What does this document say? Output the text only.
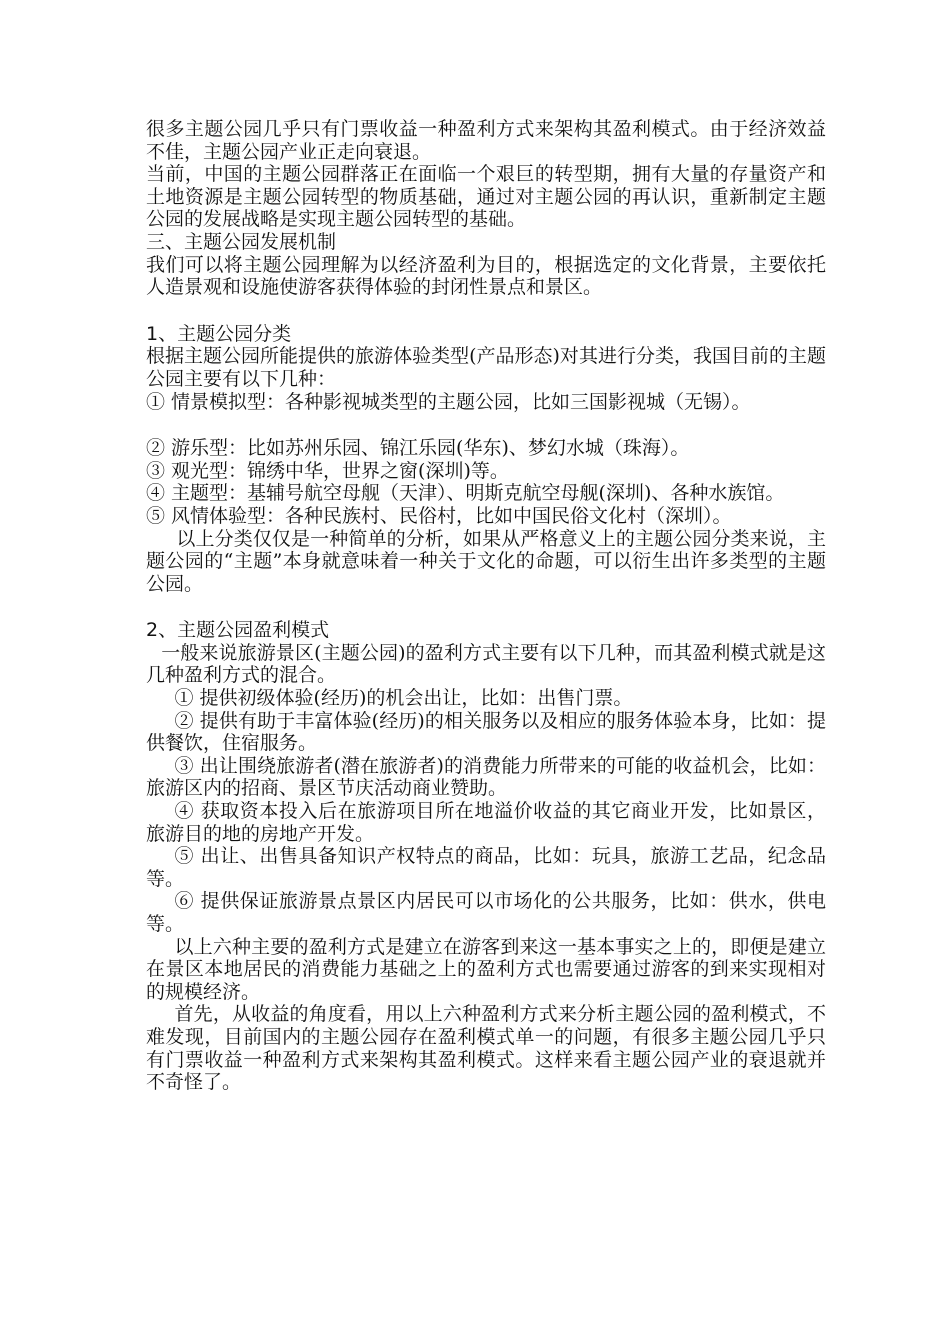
很多主题公园几乎只有门票收益一种盈利方式来架构其盈利模式。由于经济效益不佳，主题公园产业正走向衰退。

当前，中国的主题公园群落正在面临一个艰巨的转型期，拥有大量的存量资产和土地资源是主题公园转型的物质基础，通过对主题公园的再认识，重新制定主题公园的发展战略是实现主题公园转型的基础。

三、主题公园发展机制

我们可以将主题公园理解为以经济盈利为目的，根据选定的文化背景，主要依托人造景观和设施使游客获得体验的封闭性景点和景区。

1、主题公园分类

根据主题公园所能提供的旅游体验类型(产品形态)对其进行分类，我国目前的主题公园主要有以下几种：

① 情景模拟型：各种影视城类型的主题公园，比如三国影视城（无锡）。

② 游乐型：比如苏州乐园、锦江乐园(华东)、梦幻水城（珠海）。

③ 观光型：锦绣中华，世界之窗(深圳)等。

④ 主题型：基辅号航空母舰（天津）、明斯克航空母舰(深圳)、各种水族馆。

⑤ 风情体验型：各种民族村、民俗村，比如中国民俗文化村（深圳）。

以上分类仅仅是一种简单的分析，如果从严格意义上的主题公园分类来说，主题公园的“主题”本身就意味着一种关于文化的命题，可以衍生出许多类型的主题公园。

2、主题公园盈利模式

一般来说旅游景区(主题公园)的盈利方式主要有以下几种，而其盈利模式就是这几种盈利方式的混合。

① 提供初级体验(经历)的机会出让，比如：出售门票。

② 提供有助于丰富体验(经历)的相关服务以及相应的服务体验本身，比如：提供餐饮，住宿服务。

③ 出让围绕旅游者(潜在旅游者)的消费能力所带来的可能的收益机会，比如：旅游区内的招商、景区节庆活动商业赞助。

④ 获取资本投入后在旅游项目所在地溢价收益的其它商业开发，比如景区，旅游目的地的房地产开发。

⑤ 出让、出售具备知识产权特点的商品，比如：玩具，旅游工艺品，纪念品等。

⑥ 提供保证旅游景点景区内居民可以市场化的公共服务，比如：供水，供电等。

以上六种主要的盈利方式是建立在游客到来这一基本事实之上的，即便是建立在景区本地居民的消费能力基础之上的盈利方式也需要通过游客的到来实现相对的规模经济。

首先，从收益的角度看，用以上六种盈利方式来分析主题公园的盈利模式，不难发现，目前国内的主题公园存在盈利模式单一的问题，有很多主题公园几乎只有门票收益一种盈利方式来架构其盈利模式。这样来看主题公园产业的衰退就并不奇怪了。
